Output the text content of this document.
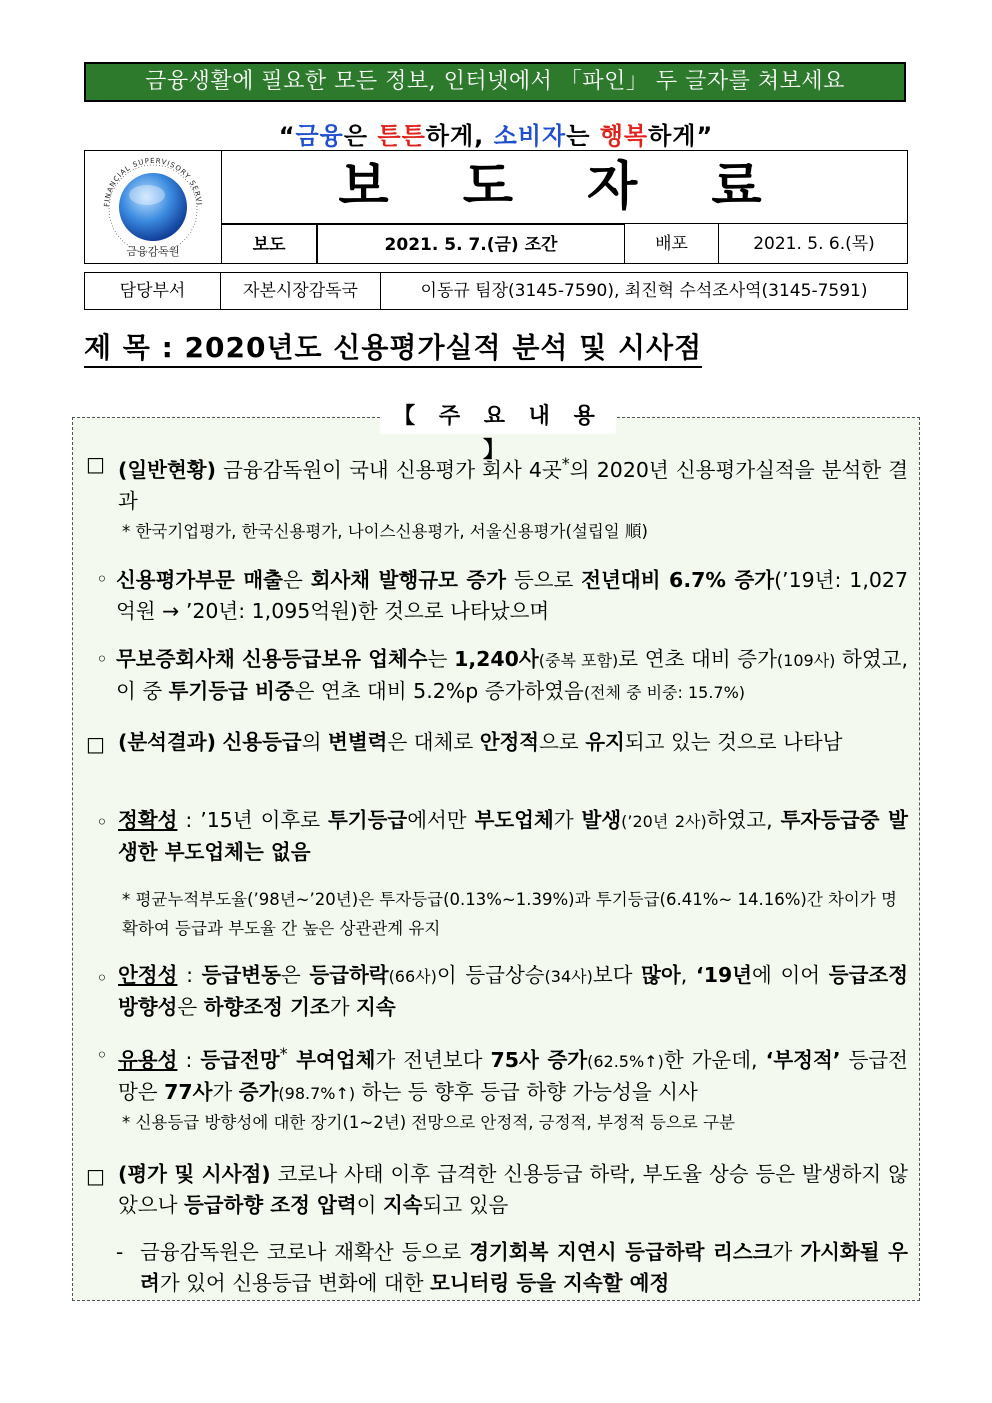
금융생활에 필요한 모든 정보, 인터넷에서 「파인」 두 글자를 쳐보세요
“금융은 튼튼하게, 소비자는 행복하게”
FINANCIAL SUPERVISORY SERVI
금융감독원
보 도 자 료
보도	2021. 5. 7.(금) 조간	배포	2021. 5. 6.(목)
담당부서	자본시장감독국	이동규 팀장(3145-7590), 최진혁 수석조사역(3145-7591)
제 목 : 2020년도 신용평가실적 분석 및 시사점
【 주 요 내 용 】
□ (일반현황) 금융감독원이 국내 신용평가 회사 4곳*의 2020년 신용평가실적을 분석한 결과
* 한국기업평가, 한국신용평가, 나이스신용평가, 서울신용평가(설립일 順)
◦ 신용평가부문 매출은 회사채 발행규모 증가 등으로 전년대비 6.7% 증가(’19년: 1,027억원 → ’20년: 1,095억원)한 것으로 나타났으며
◦ 무보증회사채 신용등급보유 업체수는 1,240사(중복 포함)로 연초 대비 증가(109사) 하였고, 이 중 투기등급 비중은 연초 대비 5.2%p 증가하였음(전체 중 비중: 15.7%)
□ (분석결과) 신용등급의 변별력은 대체로 안정적으로 유지되고 있는 것으로 나타남
◦ 정확성 : ’15년 이후로 투기등급에서만 부도업체가 발생(’20년 2사)하였고, 투자등급중 발생한 부도업체는 없음
* 평균누적부도율(’98년~’20년)은 투자등급(0.13%~1.39%)과 투기등급(6.41%~ 14.16%)간 차이가 명확하여 등급과 부도율 간 높은 상관관계 유지
◦ 안정성 : 등급변동은 등급하락(66사)이 등급상승(34사)보다 많아, ‘19년에 이어 등급조정 방향성은 하향조정 기조가 지속
◦ 유용성 : 등급전망* 부여업체가 전년보다 75사 증가(62.5%↑)한 가운데, ‘부정적’ 등급전망은 77사가 증가(98.7%↑) 하는 등 향후 등급 하향 가능성을 시사
* 신용등급 방향성에 대한 장기(1~2년) 전망으로 안정적, 긍정적, 부정적 등으로 구분
□ (평가 및 시사점) 코로나 사태 이후 급격한 신용등급 하락, 부도율 상승 등은 발생하지 않았으나 등급하향 조정 압력이 지속되고 있음
- 금융감독원은 코로나 재확산 등으로 경기회복 지연시 등급하락 리스크가 가시화될 우려가 있어 신용등급 변화에 대한 모니터링 등을 지속할 예정
